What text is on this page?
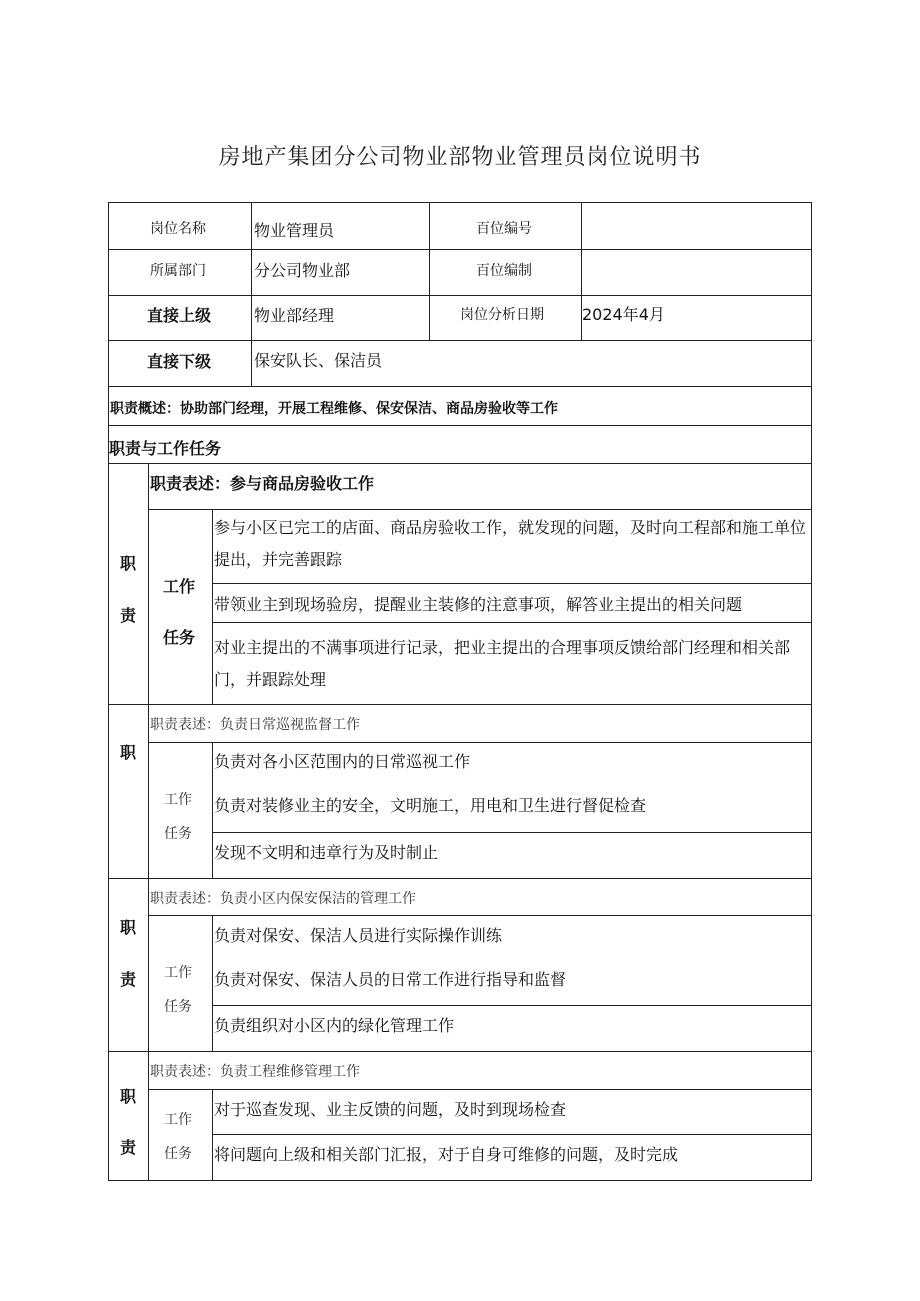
房地产集团分公司物业部物业管理员岗位说明书
岗位名称	物业管理员	百位编号
所属部门	分公司物业部	百位编制
直接上级	物业部经理	岗位分析日期 2024年4月
直接下级	保安队长、保洁员
职责概述：协助部门经理，开展工程维修、保安保洁、商品房验收等工作
职责与工作任务
职
责
职责表述：参与商品房验收工作
工作
任务
参与小区已完工的店面、商品房验收工作，就发现的问题，及时向工程部和施工单位提出，并完善跟踪
带领业主到现场验房，提醒业主装修的注意事项，解答业主提出的相关问题
对业主提出的不满事项进行记录，把业主提出的合理事项反馈给部门经理和相关部门，并跟踪处理
职
职责表述：负责日常巡视监督工作
工作
任务
负责对各小区范围内的日常巡视工作
负责对装修业主的安全，文明施工，用电和卫生进行督促检查
发现不文明和违章行为及时制止
职
责
职责表述：负责小区内保安保洁的管理工作
工作
任务
负责对保安、保洁人员进行实际操作训练
负责对保安、保洁人员的日常工作进行指导和监督
负责组织对小区内的绿化管理工作
职
责
职责表述：负责工程维修管理工作
工作
任务
对于巡查发现、业主反馈的问题，及时到现场检查
将问题向上级和相关部门汇报，对于自身可维修的问题，及时完成
